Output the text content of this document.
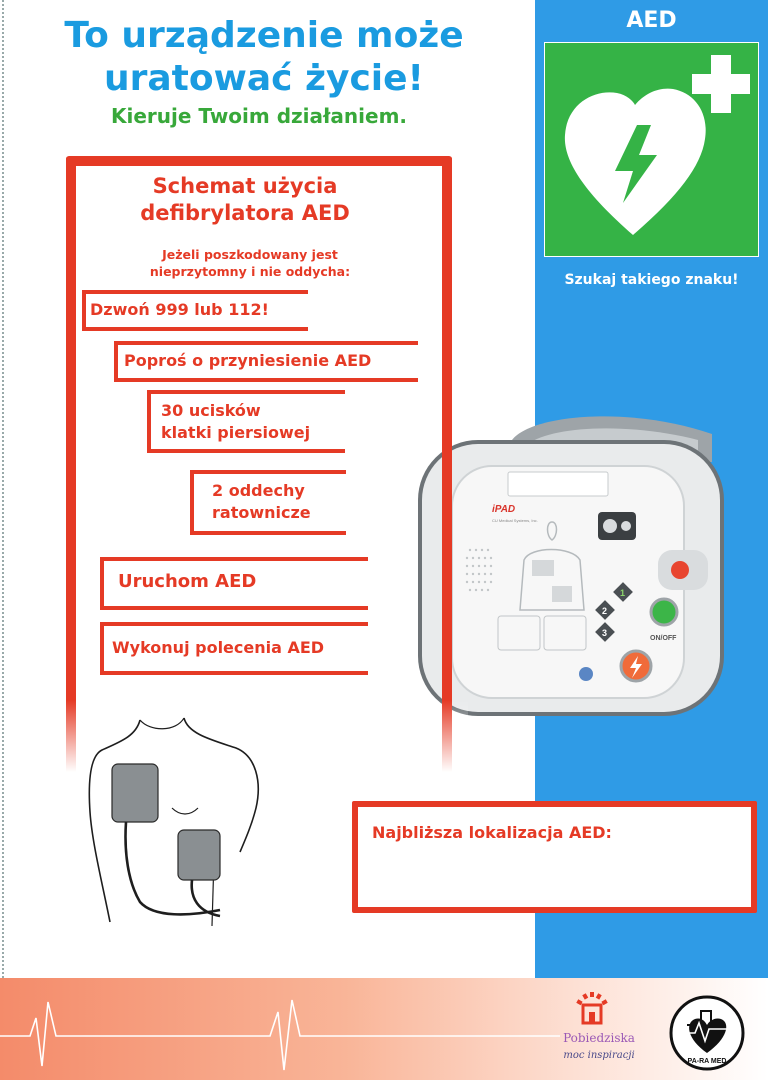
To urządzenie może
uratować życie!

Kieruje Twoim działaniem.

AED
Szukaj takiego znaku!
iPAD
CU Medical Systems, Inc.
1
2
3
ON/OFF
Schemat użycia
defibrylatora AED
Jeżeli poszkodowany jest
nieprzytomny i nie oddycha:
Dzwoń 999 lub 112!
Poproś o przyniesienie AED
30 ucisków
klatki piersiowej
2 oddechy
ratownicze
Uruchom AED
Wykonuj polecenia AED
Najbliższa lokalizacja AED:
Pobiedziska
moc inspiracji
PA-RA MED
